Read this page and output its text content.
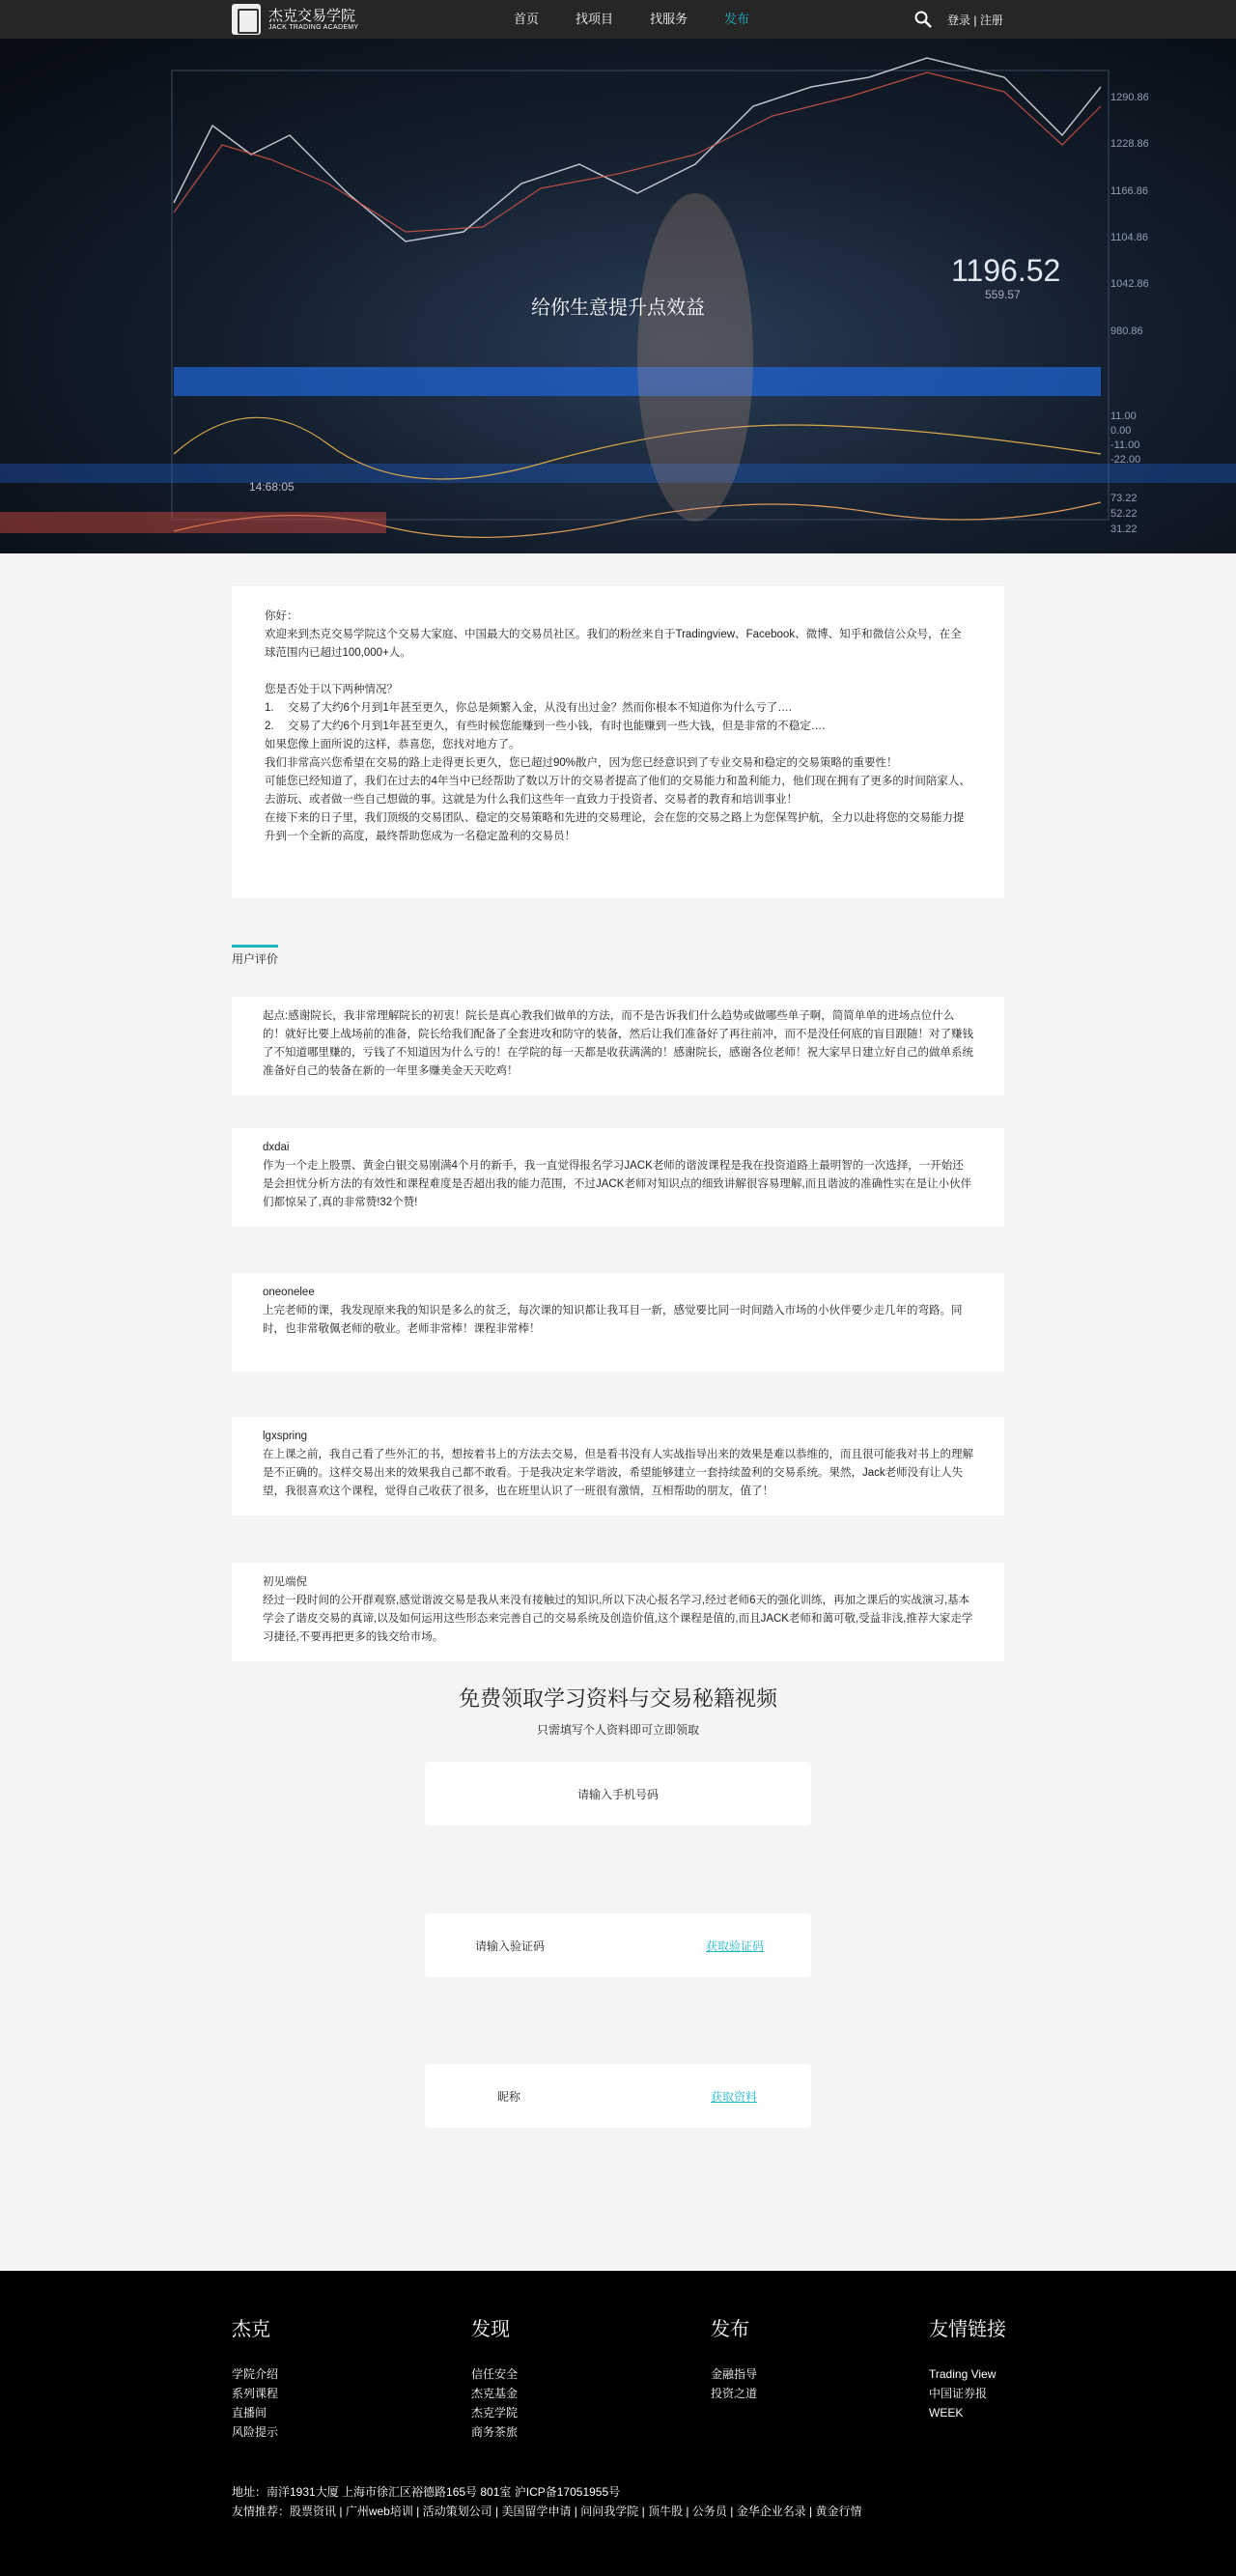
杰克交易学院
JACK TRADING ACADEMY
首页	找项目	找服务	发布	登录 | 注册
14:68:05
1196.52
559.57
1290.86
1228.86
1166.86
1104.86
1042.86
980.86
11.00
0.00
-11.00
-22.00
73.22
52.22
31.22
给你生意提升点效益

你好：

欢迎来到杰克交易学院这个交易大家庭、中国最大的交易员社区。我们的粉丝来自于Tradingview、Facebook、微博、知乎和微信公众号，在全球范围内已超过100,000+人。

您是否处于以下两种情况？

1.	交易了大约6个月到1年甚至更久，你总是频繁入金，从没有出过金？然而你根本不知道你为什么亏了….
2.	交易了大约6个月到1年甚至更久，有些时候您能赚到一些小钱，有时也能赚到一些大钱，但是非常的不稳定….

如果您像上面所说的这样，恭喜您，您找对地方了。

我们非常高兴您希望在交易的路上走得更长更久，您已超过90%散户，因为您已经意识到了专业交易和稳定的交易策略的重要性！

可能您已经知道了，我们在过去的4年当中已经帮助了数以万计的交易者提高了他们的交易能力和盈利能力，他们现在拥有了更多的时间陪家人、去游玩、或者做一些自己想做的事。这就是为什么我们这些年一直致力于投资者、交易者的教育和培训事业！

在接下来的日子里，我们顶级的交易团队、稳定的交易策略和先进的交易理论，会在您的交易之路上为您保驾护航，全力以赴将您的交易能力提升到一个全新的高度，最终帮助您成为一名稳定盈利的交易员！

用户评价

起点:感谢院长，我非常理解院长的初衷！院长是真心教我们做单的方法，而不是告诉我们什么趋势或做哪些单子啊，简简单单的进场点位什么的！就好比要上战场前的准备，院长给我们配备了全套进攻和防守的装备，然后让我们准备好了再往前冲，而不是没任何底的盲目跟随！对了赚钱了不知道哪里赚的，亏钱了不知道因为什么亏的！在学院的每一天都是收获满满的！感谢院长，感谢各位老师！祝大家早日建立好自己的做单系统准备好自己的装备在新的一年里多赚美金天天吃鸡！

dxdai

作为一个走上股票、黄金白银交易刚满4个月的新手，我一直觉得报名学习JACK老师的谐波课程是我在投资道路上最明智的一次选择，一开始还是会担忧分析方法的有效性和课程难度是否超出我的能力范围，不过JACK老师对知识点的细致讲解很容易理解,而且谐波的准确性实在是让小伙伴们都惊呆了,真的非常赞!32个赞!

oneonelee

上完老师的课，我发现原来我的知识是多么的贫乏，每次课的知识都让我耳目一新，感觉要比同一时间踏入市场的小伙伴要少走几年的弯路。同时，也非常敬佩老师的敬业。老师非常棒！课程非常棒！

lgxspring

在上课之前，我自己看了些外汇的书，想按着书上的方法去交易，但是看书没有人实战指导出来的效果是难以恭维的，而且很可能我对书上的理解是不正确的。这样交易出来的效果我自己都不敢看。于是我决定来学谐波，希望能够建立一套持续盈利的交易系统。果然，Jack老师没有让人失望，我很喜欢这个课程，觉得自己收获了很多，也在班里认识了一班很有激情，互相帮助的朋友，值了！

初见端倪

经过一段时间的公开群观察,感觉谐波交易是我从来没有接触过的知识,所以下决心报名学习,经过老师6天的强化训练，再加之课后的实战演习,基本学会了谐皮交易的真谛,以及如何运用这些形态来完善自己的交易系统及创造价值,这个课程是值的,而且JACK老师和蔼可敬,受益非浅,推荐大家走学习捷径,不要再把更多的钱交给市场。

免费领取学习资料与交易秘籍视频
只需填写个人资料即可立即领取
请输入手机号码
请输入验证码	获取验证码
昵称	获取资料
杰克
学院介绍
系列课程
直播间
风险提示
发现
信任安全
杰克基金
杰克学院
商务茶旅
发布
金融指导
投资之道
友情链接
Trading View
中国证券报
WEEK
地址：南洋1931大厦 上海市徐汇区裕德路165号 801室 沪ICP备17051955号
友情推荐：股票资讯 | 广州web培训 | 活动策划公司 | 美国留学申请 | 问问我学院 | 顶牛股 | 公务员 | 金华企业名录 | 黄金行情
